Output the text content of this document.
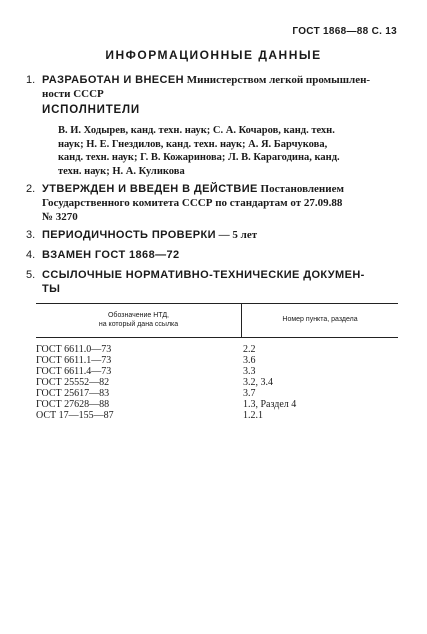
ГОСТ 1868—88 С. 13
ИНФОРМАЦИОННЫЕ ДАННЫЕ
1. РАЗРАБОТАН И ВНЕСЕН Министерством легкой промышлен-
ности СССР
ИСПОЛНИТЕЛИ
В. И. Ходырев, канд. техн. наук; С. А. Кочаров, канд. техн.
наук; Н. Е. Гнездилов, канд. техн. наук; А. Я. Барчукова,
канд. техн. наук; Г. В. Кожаринова; Л. В. Карагодина, канд.
техн. наук; Н. А. Куликова
2. УТВЕРЖДЕН И ВВЕДЕН В ДЕЙСТВИЕ Постановлением
Государственного комитета СССР по стандартам от 27.09.88
№ 3270
3. ПЕРИОДИЧНОСТЬ ПРОВЕРКИ — 5 лет
4. ВЗАМЕН ГОСТ 1868—72
5. ССЫЛОЧНЫЕ НОРМАТИВНО-ТЕХНИЧЕСКИЕ ДОКУМЕН-
ТЫ
Обозначение НТД,
на который дана ссылка
Номер пункта, раздела
ГОСТ 6611.0—73	2.2
ГОСТ 6611.1—73	3.6
ГОСТ 6611.4—73	3.3
ГОСТ 25552—82	3.2, 3.4
ГОСТ 25617—83	3.7
ГОСТ 27628—88	1.3, Раздел 4
ОСТ 17—155—87	1.2.1
